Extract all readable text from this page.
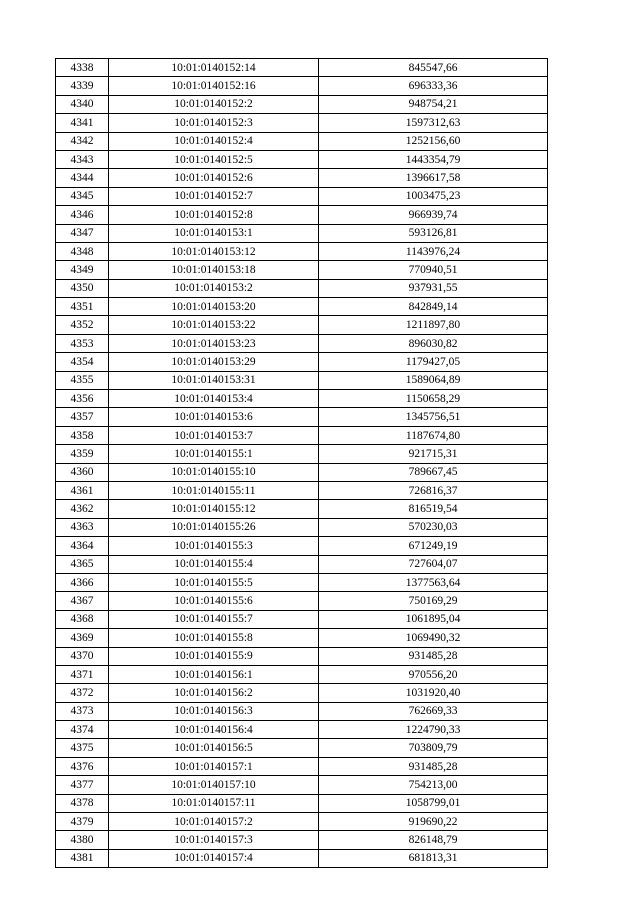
4338	10:01:0140152:14	845547,66
4339	10:01:0140152:16	696333,36
4340	10:01:0140152:2	948754,21
4341	10:01:0140152:3	1597312,63
4342	10:01:0140152:4	1252156,60
4343	10:01:0140152:5	1443354,79
4344	10:01:0140152:6	1396617,58
4345	10:01:0140152:7	1003475,23
4346	10:01:0140152:8	966939,74
4347	10:01:0140153:1	593126,81
4348	10:01:0140153:12	1143976,24
4349	10:01:0140153:18	770940,51
4350	10:01:0140153:2	937931,55
4351	10:01:0140153:20	842849,14
4352	10:01:0140153:22	1211897,80
4353	10:01:0140153:23	896030,82
4354	10:01:0140153:29	1179427,05
4355	10:01:0140153:31	1589064,89
4356	10:01:0140153:4	1150658,29
4357	10:01:0140153:6	1345756,51
4358	10:01:0140153:7	1187674,80
4359	10:01:0140155:1	921715,31
4360	10:01:0140155:10	789667,45
4361	10:01:0140155:11	726816,37
4362	10:01:0140155:12	816519,54
4363	10:01:0140155:26	570230,03
4364	10:01:0140155:3	671249,19
4365	10:01:0140155:4	727604,07
4366	10:01:0140155:5	1377563,64
4367	10:01:0140155:6	750169,29
4368	10:01:0140155:7	1061895,04
4369	10:01:0140155:8	1069490,32
4370	10:01:0140155:9	931485,28
4371	10:01:0140156:1	970556,20
4372	10:01:0140156:2	1031920,40
4373	10:01:0140156:3	762669,33
4374	10:01:0140156:4	1224790,33
4375	10:01:0140156:5	703809,79
4376	10:01:0140157:1	931485,28
4377	10:01:0140157:10	754213,00
4378	10:01:0140157:11	1058799,01
4379	10:01:0140157:2	919690,22
4380	10:01:0140157:3	826148,79
4381	10:01:0140157:4	681813,31
